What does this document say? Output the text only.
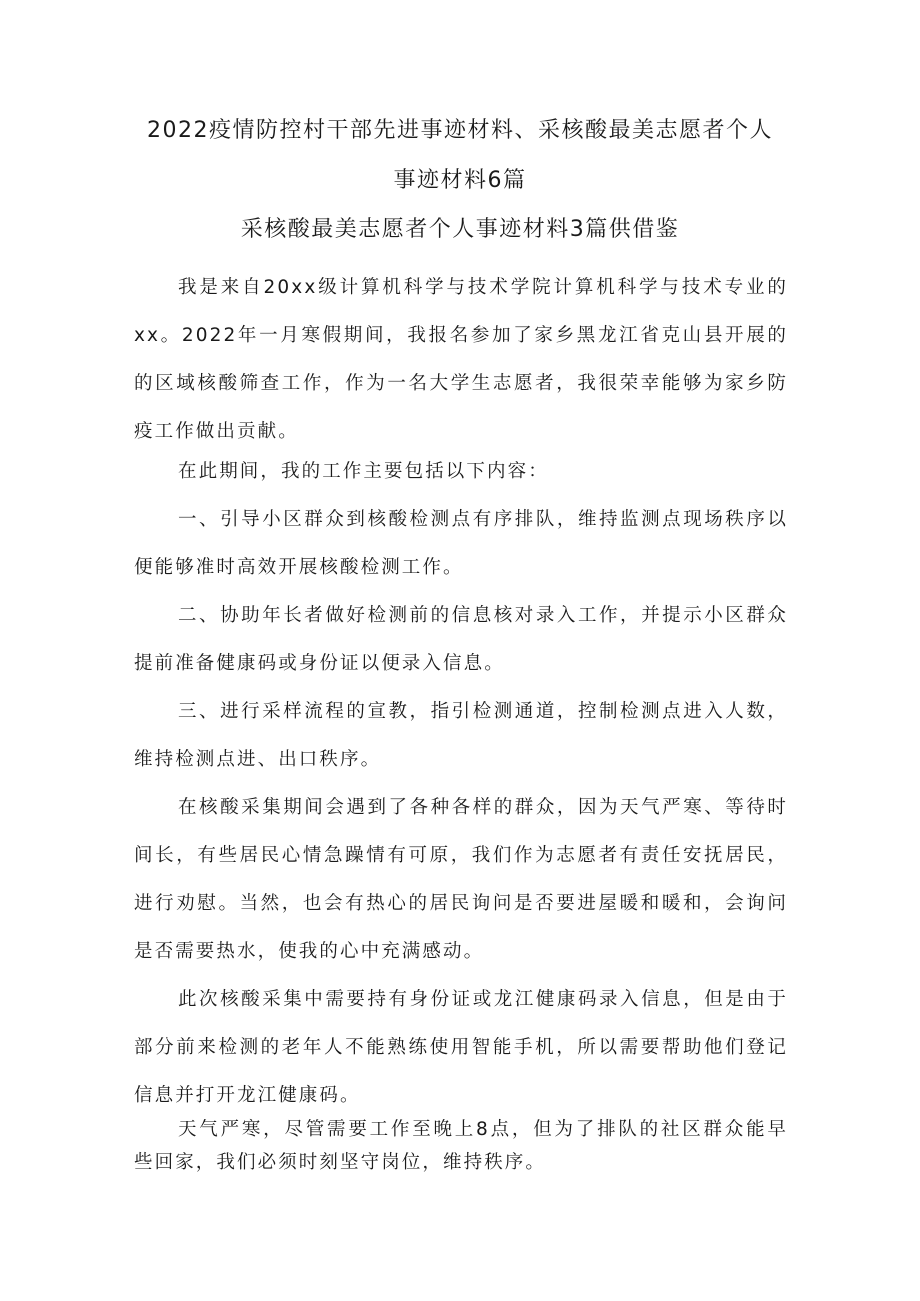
2022疫情防控村干部先进事迹材料、采核酸最美志愿者个人
事迹材料6篇
采核酸最美志愿者个人事迹材料3篇供借鉴

我是来自20xx级计算机科学与技术学院计算机科学与技术专业的xx。2022年一月寒假期间，我报名参加了家乡黑龙江省克山县开展的的区域核酸筛查工作，作为一名大学生志愿者，我很荣幸能够为家乡防疫工作做出贡献。

在此期间，我的工作主要包括以下内容：

一、引导小区群众到核酸检测点有序排队，维持监测点现场秩序以便能够准时高效开展核酸检测工作。

二、协助年长者做好检测前的信息核对录入工作，并提示小区群众提前准备健康码或身份证以便录入信息。

三、进行采样流程的宣教，指引检测通道，控制检测点进入人数，维持检测点进、出口秩序。

在核酸采集期间会遇到了各种各样的群众，因为天气严寒、等待时间长，有些居民心情急躁情有可原，我们作为志愿者有责任安抚居民，进行劝慰。当然，也会有热心的居民询问是否要进屋暖和暖和，会询问是否需要热水，使我的心中充满感动。

此次核酸采集中需要持有身份证或龙江健康码录入信息，但是由于部分前来检测的老年人不能熟练使用智能手机，所以需要帮助他们登记信息并打开龙江健康码。

天气严寒，尽管需要工作至晚上8点，但为了排队的社区群众能早些回家，我们必须时刻坚守岗位，维持秩序。
